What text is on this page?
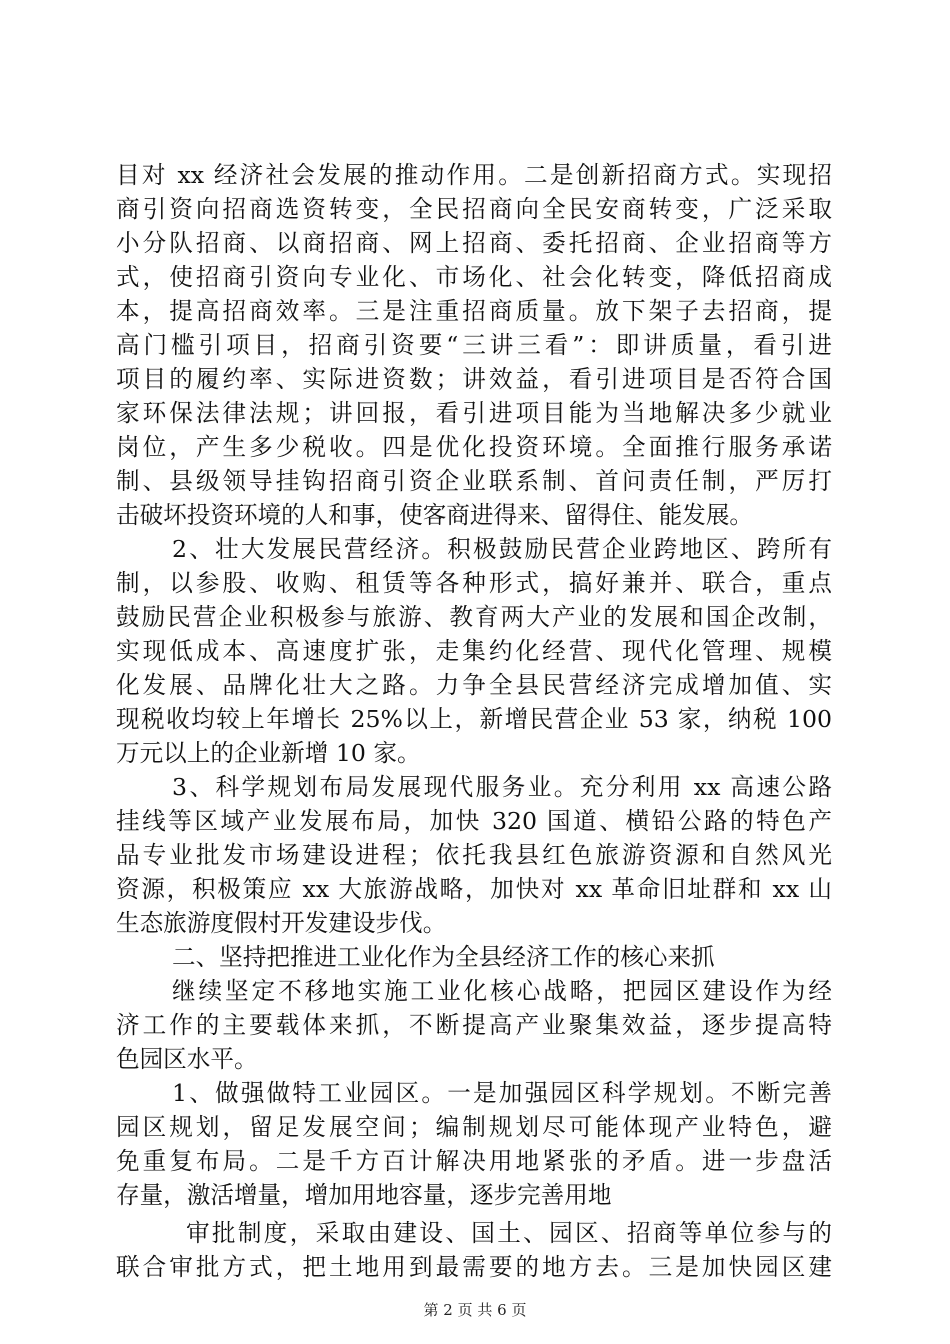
目对 xx 经济社会发展的推动作用。二是创新招商方式。实现招
商引资向招商选资转变，全民招商向全民安商转变，广泛采取
小分队招商、以商招商、网上招商、委托招商、企业招商等方
式，使招商引资向专业化、市场化、社会化转变，降低招商成
本，提高招商效率。三是注重招商质量。放下架子去招商，提
高门槛引项目，招商引资要“三讲三看”：即讲质量，看引进
项目的履约率、实际进资数；讲效益，看引进项目是否符合国
家环保法律法规；讲回报，看引进项目能为当地解决多少就业
岗位，产生多少税收。四是优化投资环境。全面推行服务承诺
制、县级领导挂钩招商引资企业联系制、首问责任制，严厉打
击破坏投资环境的人和事，使客商进得来、留得住、能发展。
2、壮大发展民营经济。积极鼓励民营企业跨地区、跨所有
制，以参股、收购、租赁等各种形式，搞好兼并、联合，重点
鼓励民营企业积极参与旅游、教育两大产业的发展和国企改制，
实现低成本、高速度扩张，走集约化经营、现代化管理、规模
化发展、品牌化壮大之路。力争全县民营经济完成增加值、实
现税收均较上年增长 25%以上，新增民营企业 53 家，纳税 100
万元以上的企业新增 10 家。
3、科学规划布局发展现代服务业。充分利用 xx 高速公路
挂线等区域产业发展布局，加快 320 国道、横铅公路的特色产
品专业批发市场建设进程；依托我县红色旅游资源和自然风光
资源，积极策应 xx 大旅游战略，加快对 xx 革命旧址群和 xx 山
生态旅游度假村开发建设步伐。
二、坚持把推进工业化作为全县经济工作的核心来抓
继续坚定不移地实施工业化核心战略，把园区建设作为经
济工作的主要载体来抓，不断提高产业聚集效益，逐步提高特
色园区水平。
1、做强做特工业园区。一是加强园区科学规划。不断完善
园区规划，留足发展空间；编制规划尽可能体现产业特色，避
免重复布局。二是千方百计解决用地紧张的矛盾。进一步盘活
存量，激活增量，增加用地容量，逐步完善用地
审批制度，采取由建设、国土、园区、招商等单位参与的
第 2 页 共 6 页
联合审批方式，把土地用到最需要的地方去。三是加快园区建
